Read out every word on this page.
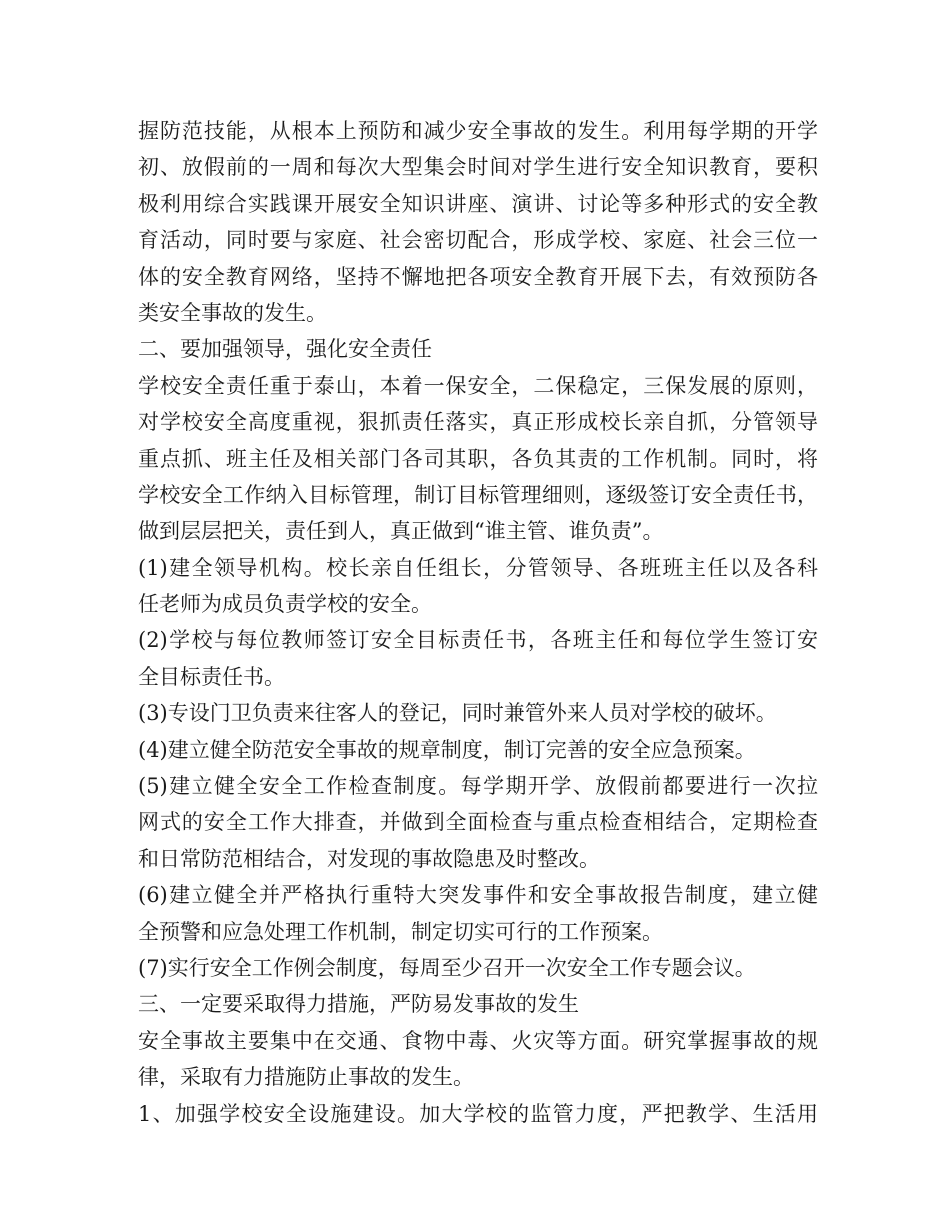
握防范技能，从根本上预防和减少安全事故的发生。利用每学期的开学
初、放假前的一周和每次大型集会时间对学生进行安全知识教育，要积
极利用综合实践课开展安全知识讲座、演讲、讨论等多种形式的安全教
育活动，同时要与家庭、社会密切配合，形成学校、家庭、社会三位一
体的安全教育网络，坚持不懈地把各项安全教育开展下去，有效预防各
类安全事故的发生。
二、要加强领导，强化安全责任
学校安全责任重于泰山，本着一保安全，二保稳定，三保发展的原则，
对学校安全高度重视，狠抓责任落实，真正形成校长亲自抓，分管领导
重点抓、班主任及相关部门各司其职，各负其责的工作机制。同时，将
学校安全工作纳入目标管理，制订目标管理细则，逐级签订安全责任书，
做到层层把关，责任到人，真正做到“谁主管、谁负责”。
(1)建全领导机构。校长亲自任组长，分管领导、各班班主任以及各科
任老师为成员负责学校的安全。
(2)学校与每位教师签订安全目标责任书，各班主任和每位学生签订安
全目标责任书。
(3)专设门卫负责来往客人的登记，同时兼管外来人员对学校的破坏。
(4)建立健全防范安全事故的规章制度，制订完善的安全应急预案。
(5)建立健全安全工作检查制度。每学期开学、放假前都要进行一次拉
网式的安全工作大排查，并做到全面检查与重点检查相结合，定期检查
和日常防范相结合，对发现的事故隐患及时整改。
(6)建立健全并严格执行重特大突发事件和安全事故报告制度，建立健
全预警和应急处理工作机制，制定切实可行的工作预案。
(7)实行安全工作例会制度，每周至少召开一次安全工作专题会议。
三、一定要采取得力措施，严防易发事故的发生
安全事故主要集中在交通、食物中毒、火灾等方面。研究掌握事故的规
律，采取有力措施防止事故的发生。
1、加强学校安全设施建设。加大学校的监管力度，严把教学、生活用
